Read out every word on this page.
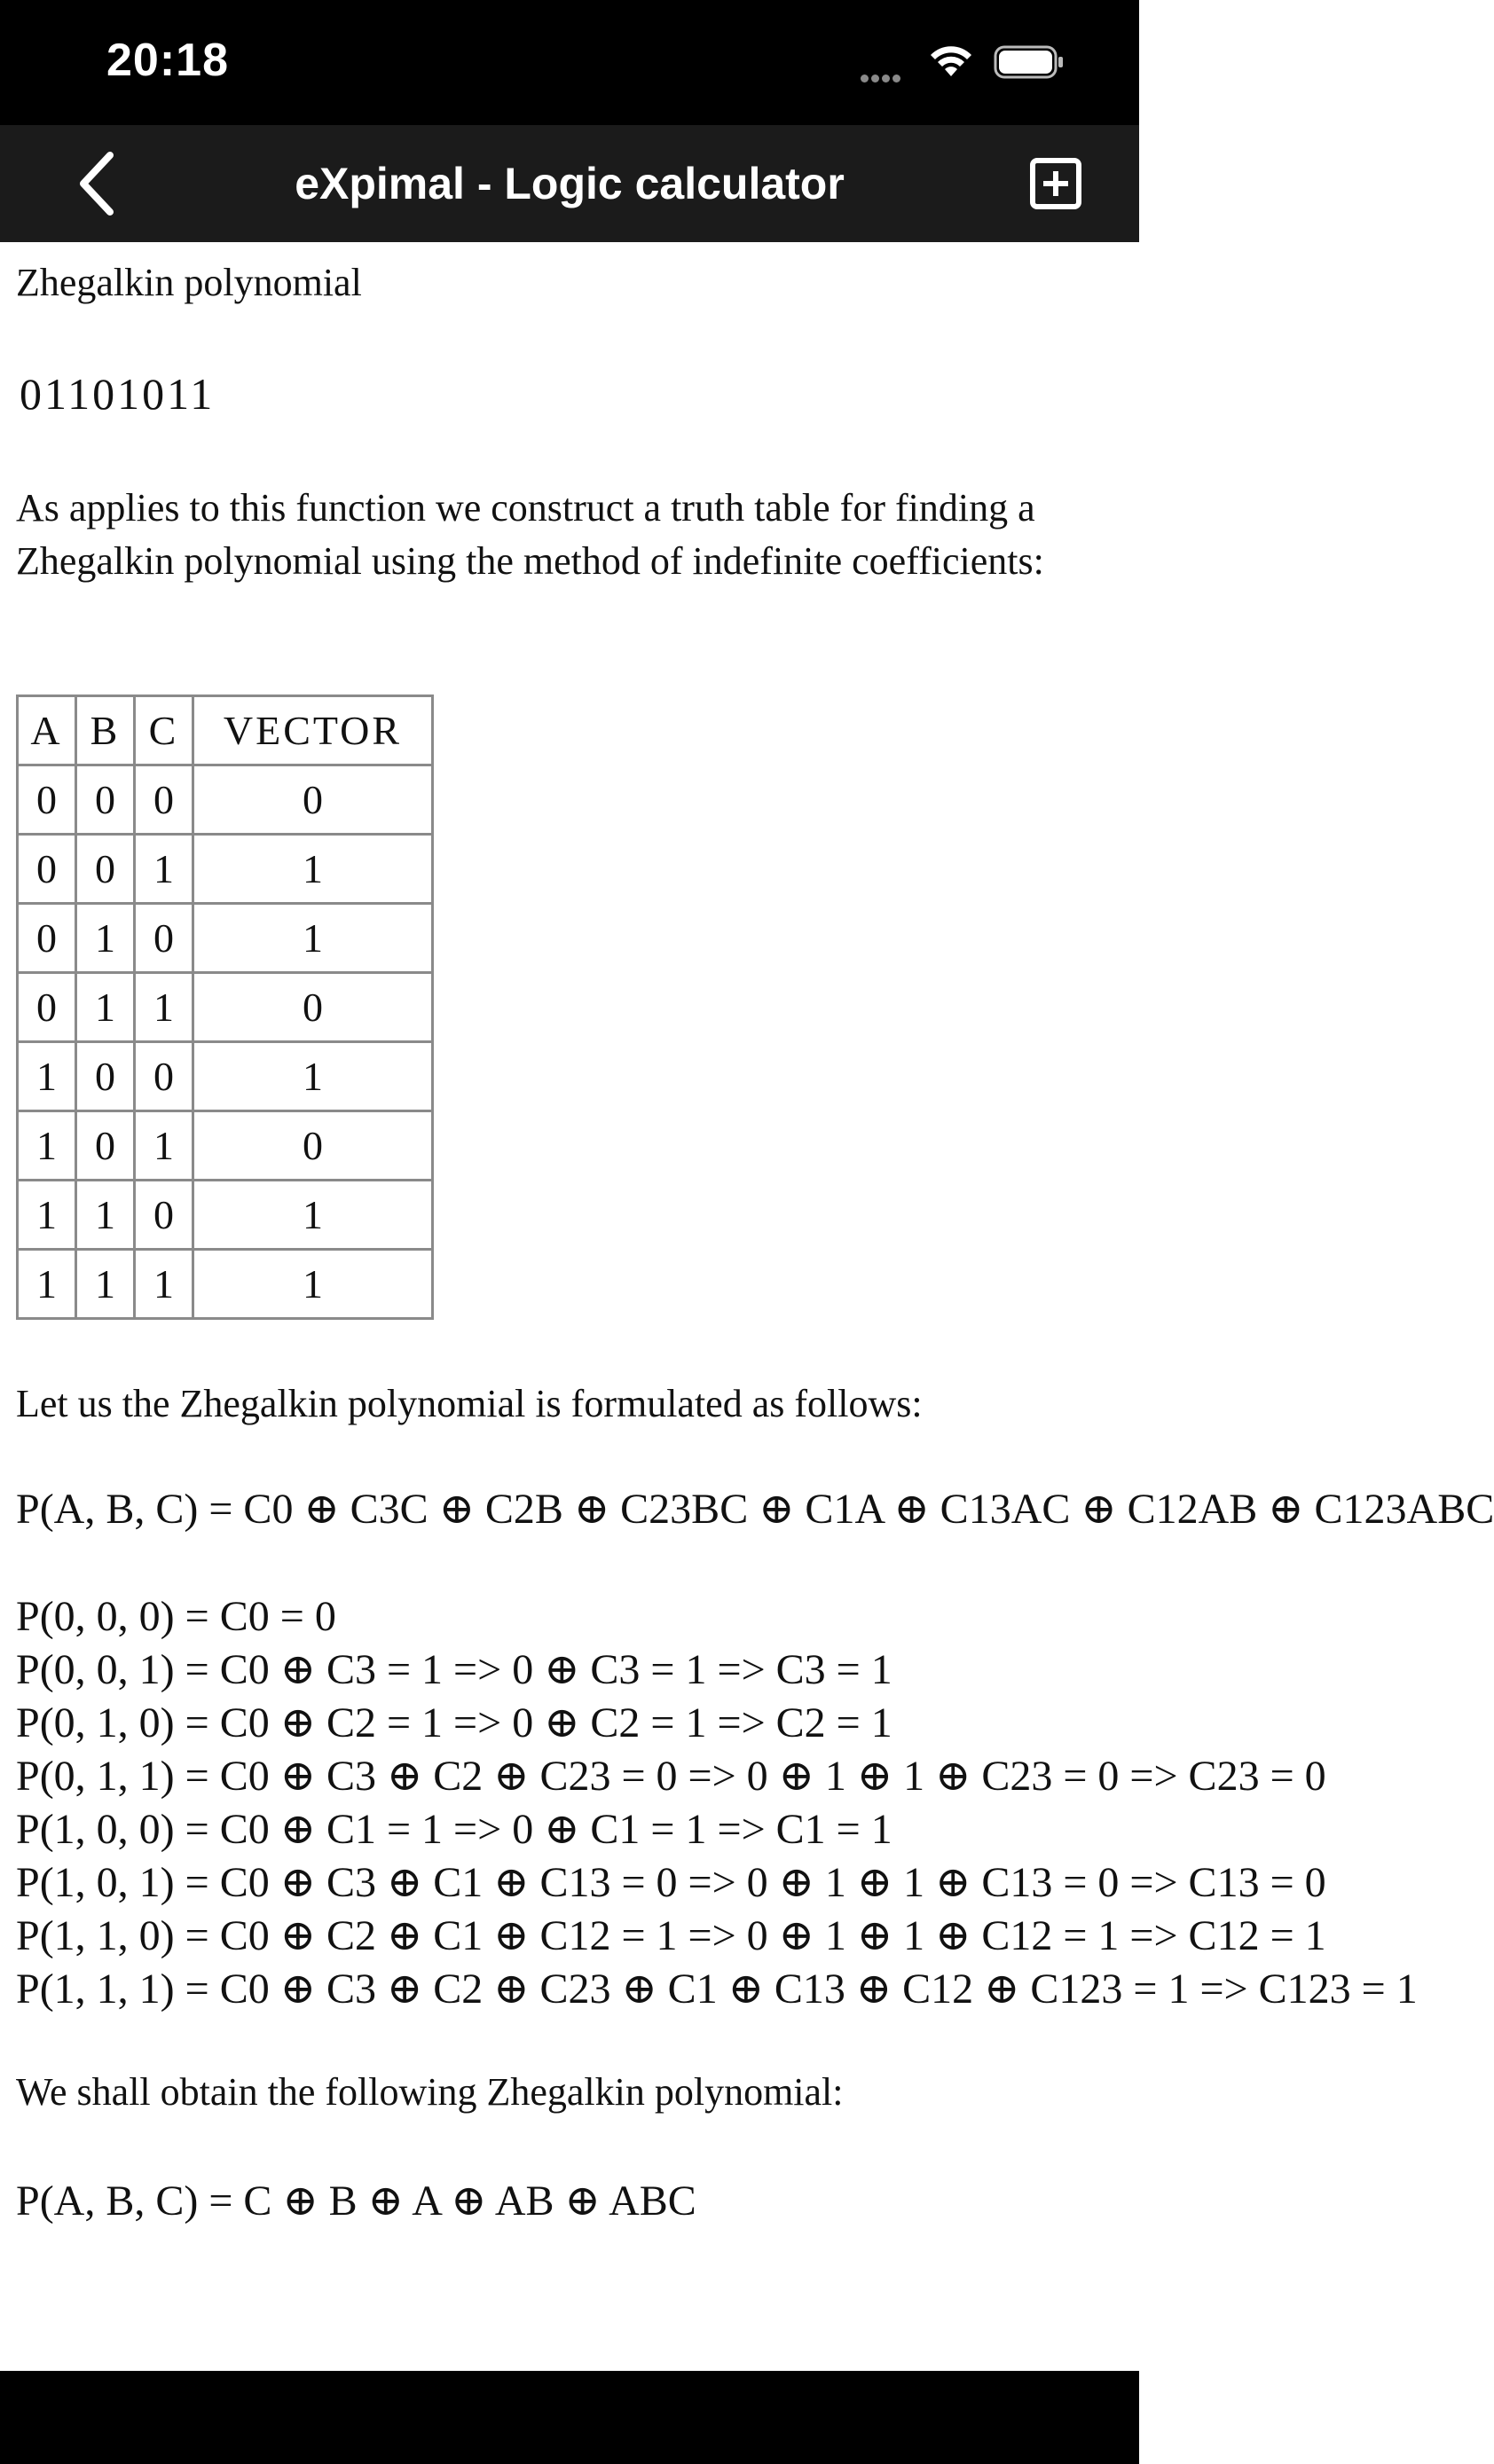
20:18
eXpimal - Logic calculator
Zhegalkin polynomial
01101011
As applies to this function we construct a truth table for finding a Zhegalkin polynomial using the method of indefinite coefficients:
A	B	C	VECTOR
0	0	0	0
0	0	1	1
0	1	0	1
0	1	1	0
1	0	0	1
1	0	1	0
1	1	0	1
1	1	1	1
Let us the Zhegalkin polynomial is formulated as follows:
P(A, B, C) = C0 ⊕ C3C ⊕ C2B ⊕ C23BC ⊕ C1A ⊕ C13AC ⊕ C12AB ⊕ C123ABC
P(0, 0, 0) = C0 = 0
P(0, 0, 1) = C0 ⊕ C3 = 1 => 0 ⊕ C3 = 1 => C3 = 1
P(0, 1, 0) = C0 ⊕ C2 = 1 => 0 ⊕ C2 = 1 => C2 = 1
P(0, 1, 1) = C0 ⊕ C3 ⊕ C2 ⊕ C23 = 0 => 0 ⊕ 1 ⊕ 1 ⊕ C23 = 0 => C23 = 0
P(1, 0, 0) = C0 ⊕ C1 = 1 => 0 ⊕ C1 = 1 => C1 = 1
P(1, 0, 1) = C0 ⊕ C3 ⊕ C1 ⊕ C13 = 0 => 0 ⊕ 1 ⊕ 1 ⊕ C13 = 0 => C13 = 0
P(1, 1, 0) = C0 ⊕ C2 ⊕ C1 ⊕ C12 = 1 => 0 ⊕ 1 ⊕ 1 ⊕ C12 = 1 => C12 = 1
P(1, 1, 1) = C0 ⊕ C3 ⊕ C2 ⊕ C23 ⊕ C1 ⊕ C13 ⊕ C12 ⊕ C123 = 1 => C123 = 1
We shall obtain the following Zhegalkin polynomial:
P(A, B, C) = C ⊕ B ⊕ A ⊕ AB ⊕ ABC
